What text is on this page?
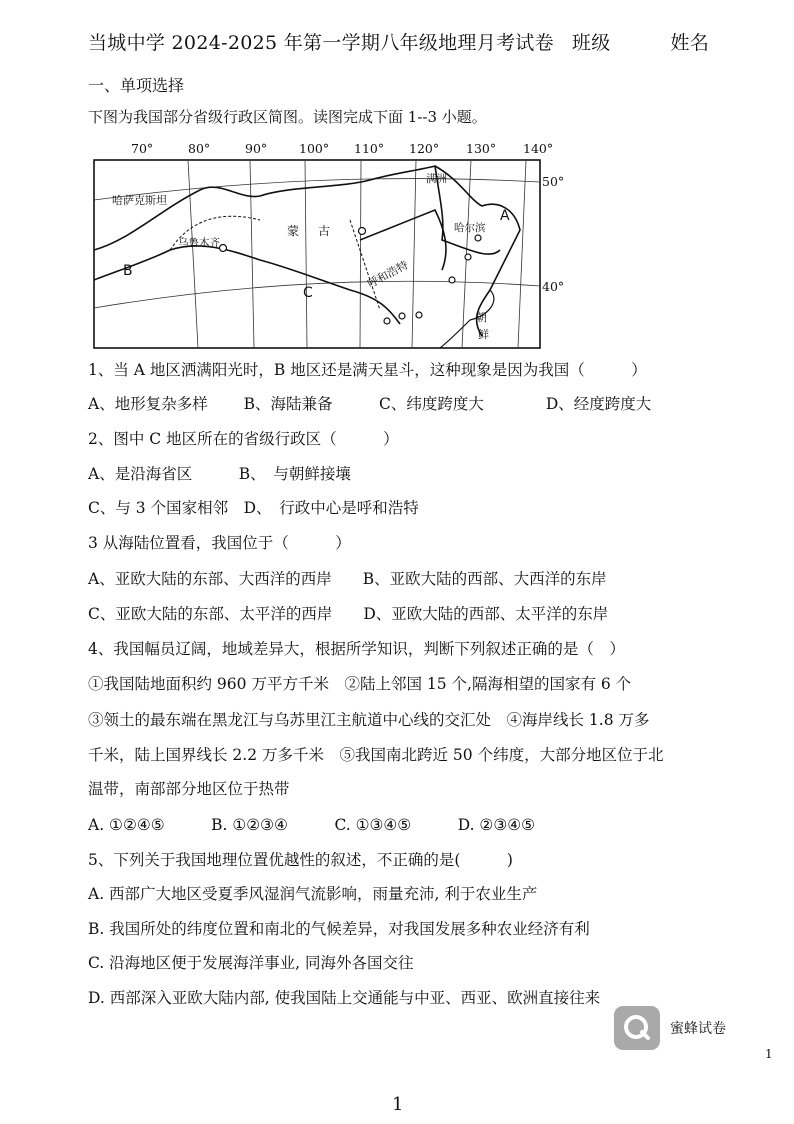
当城中学 2024-2025 年第一学期八年级地理月考试卷 班级	姓名
一、单项选择
下图为我国部分省级行政区简图。读图完成下面 1--3 小题。
70°	80°	90°	100° 110° 120° 130° 140°
50°
40°
哈萨克斯坦
乌鲁木齐
蒙 古
呼和浩特
哈尔滨
满洲
朝
鲜
A
B
C
1、当 A 地区洒满阳光时，B 地区还是满天星斗，这种现象是因为我国（　　　）
A、地形复杂多样　　 B、海陆兼备　　　C、纬度跨度大　　　　D、经度跨度大
2、图中 C 地区所在的省级行政区（　　　）
A、是沿海省区　　　B、　与朝鲜接壤
C、与 3 个国家相邻　D、　行政中心是呼和浩特
3 从海陆位置看，我国位于（　　　）
A、亚欧大陆的东部、大西洋的西岸　　B、亚欧大陆的西部、大西洋的东岸
C、亚欧大陆的东部、太平洋的西岸　　D、亚欧大陆的西部、太平洋的东岸
4、我国幅员辽阔，地域差异大，根据所学知识，判断下列叙述正确的是（　）
①我国陆地面积约 960 万平方千米　②陆上邻国 15 个,隔海相望的国家有 6 个
③领土的最东端在黑龙江与乌苏里江主航道中心线的交汇处　④海岸线长 1.8 万多
千米，陆上国界线长 2.2 万多千米　⑤我国南北跨近 50 个纬度，大部分地区位于北
温带，南部部分地区位于热带
A. ①②④⑤　　　B. ①②③④　　　C. ①③④⑤　　　D. ②③④⑤
5、下列关于我国地理位置优越性的叙述，不正确的是(　　　)
A. 西部广大地区受夏季风湿润气流影响，雨量充沛, 利于农业生产
B. 我国所处的纬度位置和南北的气候差异，对我国发展多种农业经济有利
C. 沿海地区便于发展海洋事业, 同海外各国交往
D. 西部深入亚欧大陆内部, 使我国陆上交通能与中亚、西亚、欧洲直接往来
蜜蜂试卷
1
1
